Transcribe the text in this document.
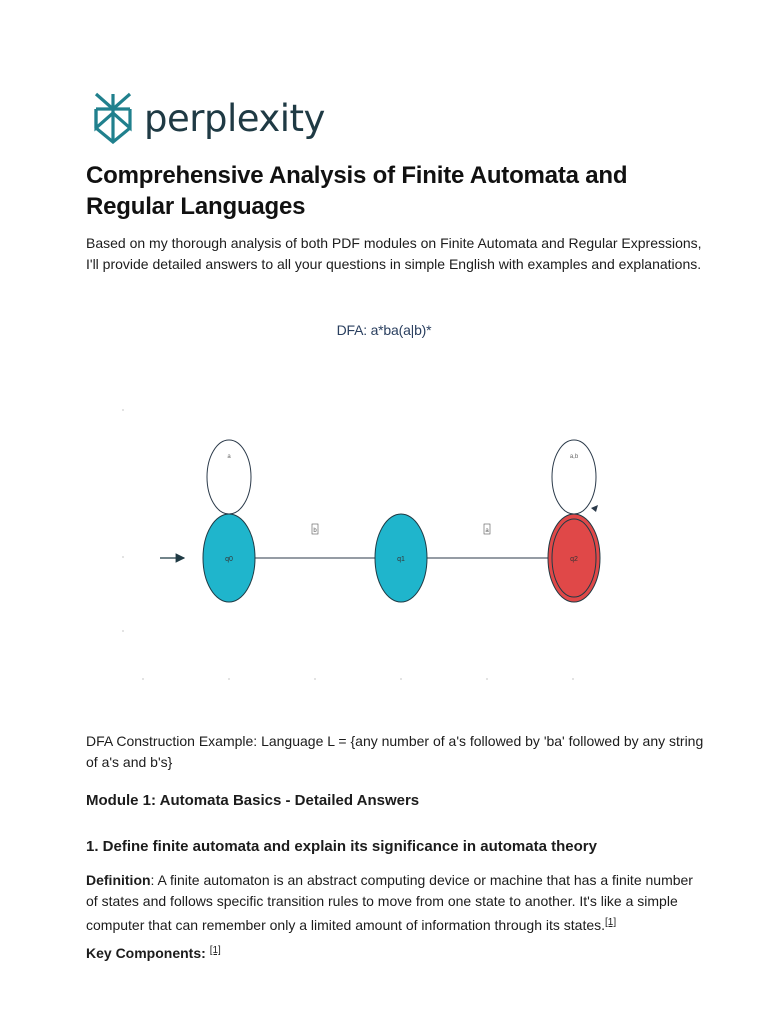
perplexity
Comprehensive Analysis of Finite Automata and Regular Languages

Based on my thorough analysis of both PDF modules on Finite Automata and Regular Expressions, I'll provide detailed answers to all your questions in simple English with examples and explanations.

DFA: a*ba(a|b)*
q0	q1	q2
a	a,b
b	a

DFA Construction Example: Language L = {any number of a's followed by 'ba' followed by any string of a's and b's}

Module 1: Automata Basics - Detailed Answers
1. Define finite automata and explain its significance in automata theory

Definition: A finite automaton is an abstract computing device or machine that has a finite number of states and follows specific transition rules to move from one state to another. It's like a simple computer that can remember only a limited amount of information through its states.[1]

Key Components: [1]
